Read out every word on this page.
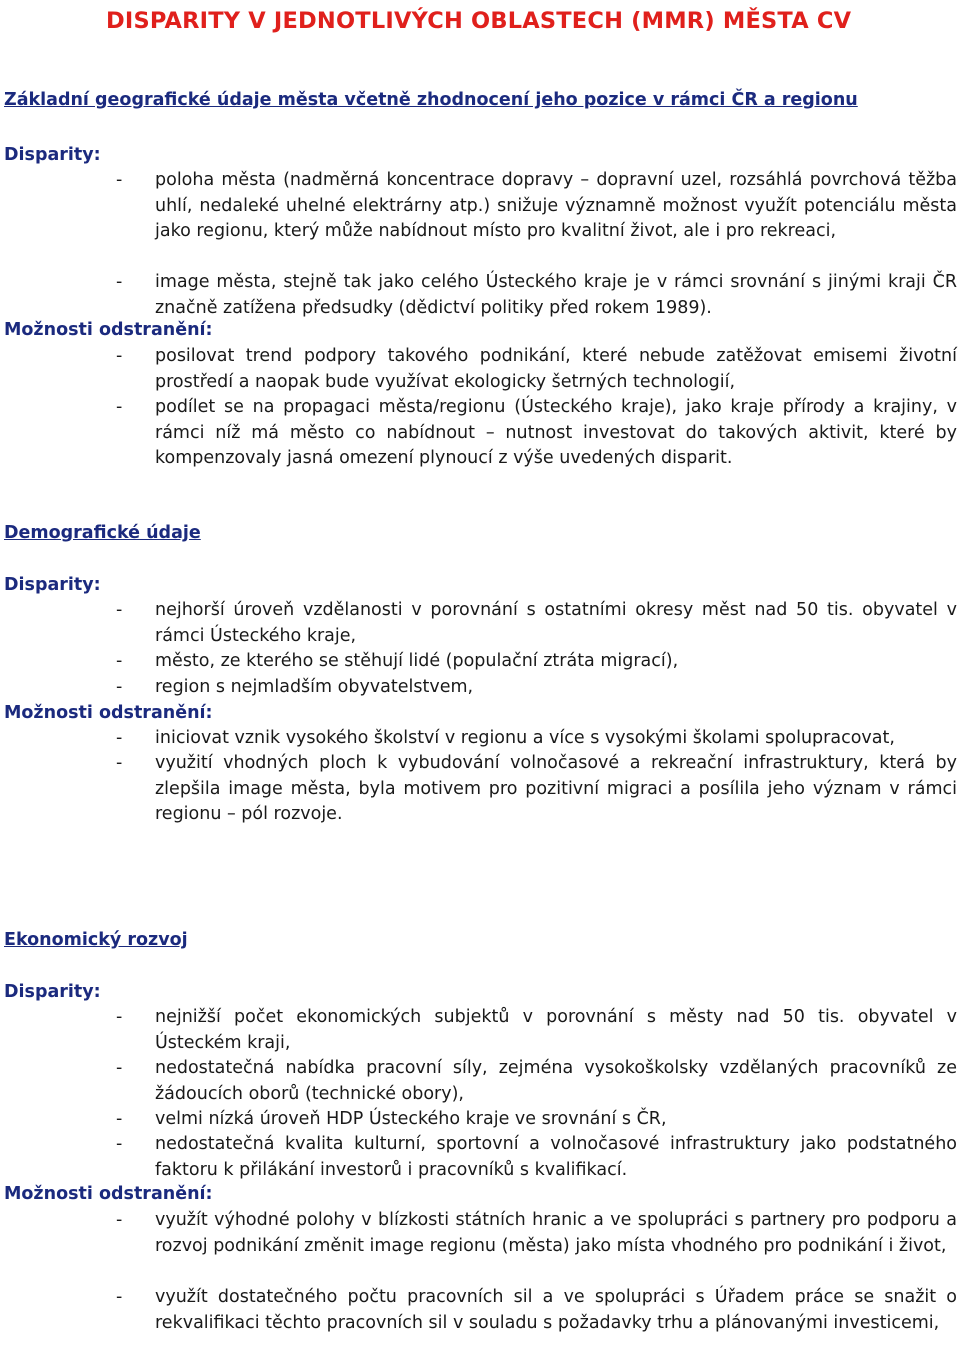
DISPARITY V JEDNOTLIVÝCH OBLASTECH (MMR) MĚSTA CV
Základní geografické údaje města včetně zhodnocení jeho pozice v rámci ČR a regionu
Disparity:
- poloha města (nadměrná koncentrace dopravy – dopravní uzel, rozsáhlá povrchová těžba uhlí, nedaleké uhelné elektrárny atp.) snižuje významně možnost využít potenciálu města jako regionu, který může nabídnout místo pro kvalitní život, ale i pro rekreaci,
- image města, stejně tak jako celého Ústeckého kraje je v rámci srovnání s jinými kraji ČR značně zatížena předsudky (dědictví politiky před rokem 1989).
Možnosti odstranění:
- posilovat trend podpory takového podnikání, které nebude zatěžovat emisemi životní prostředí a naopak bude využívat ekologicky šetrných technologií,
- podílet se na propagaci města/regionu (Ústeckého kraje), jako kraje přírody a krajiny, v rámci níž má město co nabídnout – nutnost investovat do takových aktivit, které by kompenzovaly jasná omezení plynoucí z výše uvedených disparit.
Demografické údaje
Disparity:
- nejhorší úroveň vzdělanosti v porovnání s ostatními okresy měst nad 50 tis. obyvatel v rámci Ústeckého kraje,
- město, ze kterého se stěhují lidé (populační ztráta migrací),
- region s nejmladším obyvatelstvem,
Možnosti odstranění:
- iniciovat vznik vysokého školství v regionu a více s vysokými školami spolupracovat,
- využití vhodných ploch k vybudování volnočasové a rekreační infrastruktury, která by zlepšila image města, byla motivem pro pozitivní migraci a posílila jeho význam v rámci regionu – pól rozvoje.
Ekonomický rozvoj
Disparity:
- nejnižší počet ekonomických subjektů v porovnání s městy nad 50 tis. obyvatel v Ústeckém kraji,
- nedostatečná nabídka pracovní síly, zejména vysokoškolsky vzdělaných pracovníků ze žádoucích oborů (technické obory),
- velmi nízká úroveň HDP Ústeckého kraje ve srovnání s ČR,
- nedostatečná kvalita kulturní, sportovní a volnočasové infrastruktury jako podstatného faktoru k přilákání investorů i pracovníků s kvalifikací.
Možnosti odstranění:
- využít výhodné polohy v blízkosti státních hranic a ve spolupráci s partnery pro podporu a rozvoj podnikání změnit image regionu (města) jako místa vhodného pro podnikání i život,
- využít dostatečného počtu pracovních sil a ve spolupráci s Úřadem práce se snažit o rekvalifikaci těchto pracovních sil v souladu s požadavky trhu a plánovanými investicemi,
